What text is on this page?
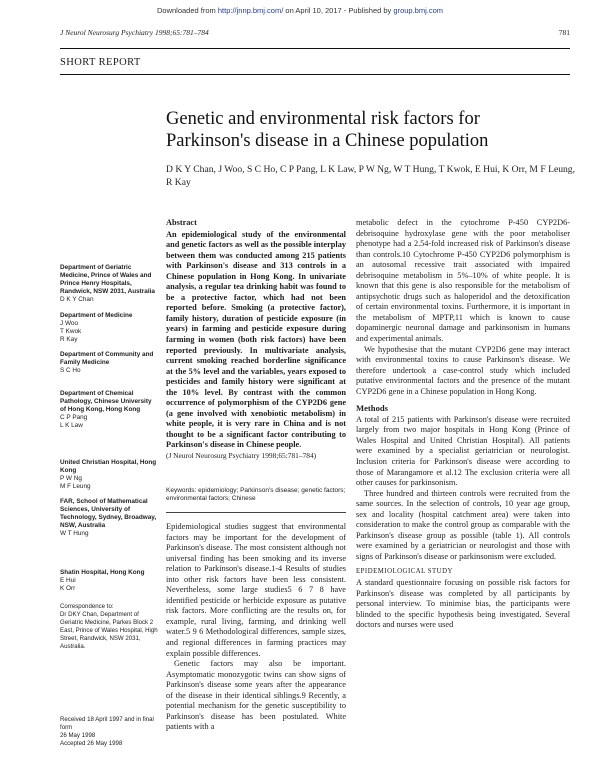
Downloaded from http://jnnp.bmj.com/ on April 10, 2017 - Published by group.bmj.com
J Neurol Neurosurg Psychiatry 1998;65:781–784	781
SHORT REPORT
Genetic and environmental risk factors for
Parkinson's disease in a Chinese population
D K Y Chan, J Woo, S C Ho, C P Pang, L K Law, P W Ng, W T Hung, T Kwok, E Hui, K Orr, M F Leung, R Kay
Department of Geriatric Medicine, Prince of Wales and Prince Henry Hospitals, Randwick, NSW 2031, Australia
D K Y Chan
Department of Medicine
J Woo
T Kwok
R Kay
Department of Community and Family Medicine
S C Ho
Department of Chemical Pathology, Chinese University of Hong Kong, Hong Kong
C P Pang
L K Law
United Christian Hospital, Hong Kong
P W Ng
M F Leung
FAR, School of Mathematical Sciences, University of Technology, Sydney, Broadway, NSW, Australia
W T Hung
Shatin Hospital, Hong Kong
E Hui
K Orr
Correspondence to:
Dr DKY Chan, Department of Geriatric Medicine, Parkes Block 2 East, Prince of Wales Hospital, High Street, Randwick, NSW 2031, Australia.
Received 18 April 1997 and in final form
26 May 1998
Accepted 26 May 1998
Abstract

An epidemiological study of the environmental and genetic factors as well as the possible interplay between them was conducted among 215 patients with Parkinson's disease and 313 controls in a Chinese population in Hong Kong. In univariate analysis, a regular tea drinking habit was found to be a protective factor, which had not been reported before. Smoking (a protective factor), family history, duration of pesticide exposure (in years) in farming and pesticide exposure during farming in women (both risk factors) have been reported previously. In multivariate analysis, current smoking reached borderline significance at the 5% level and the variables, years exposed to pesticides and family history were significant at the 10% level. By contrast with the common occurrence of polymorphism of the CYP2D6 gene (a gene involved with xenobiotic metabolism) in white people, it is very rare in China and is not thought to be a significant factor contributing to Parkinson's disease in Chinese people.

(J Neurol Neurosurg Psychiatry 1998;65:781–784)

Keywords: epidemiology; Parkinson's disease; genetic factors; environmental factors; Chinese

Epidemiological studies suggest that environmental factors may be important for the development of Parkinson's disease. The most consistent although not universal finding has been smoking and its inverse relation to Parkinson's disease.1-4 Results of studies into other risk factors have been less consistent. Nevertheless, some large studies5 6 7 8 have identified pesticide or herbicide exposure as putative risk factors. More conflicting are the results on, for example, rural living, farming, and drinking well water.5 9 6 Methodological differences, sample sizes, and regional differences in farming practices may explain possible differences.

Genetic factors may also be important. Asymptomatic monozygotic twins can show signs of Parkinson's disease some years after the appearance of the disease in their identical siblings.9 Recently, a potential mechanism for the genetic susceptibility to Parkinson's disease has been postulated. White patients with a

metabolic defect in the cytochrome P-450 CYP2D6-debrisoquine hydroxylase gene with the poor metaboliser phenotype had a 2.54-fold increased risk of Parkinson's disease than controls.10 Cytochrome P-450 CYP2D6 polymorphism is an autosomal recessive trait associated with impaired debrisoquine metabolism in 5%–10% of white people. It is known that this gene is also responsible for the metabolism of antipsychotic drugs such as haloperidol and the detoxification of certain environmental toxins. Furthermore, it is important in the metabolism of MPTP,11 which is known to cause dopaminergic neuronal damage and parkinsonism in humans and experimental animals.

We hypothesise that the mutant CYP2D6 gene may interact with environmental toxins to cause Parkinson's disease. We therefore undertook a case-control study which included putative environmental factors and the presence of the mutant CYP2D6 gene in a Chinese population in Hong Kong.

Methods

A total of 215 patients with Parkinson's disease were recruited largely from two major hospitals in Hong Kong (Prince of Wales Hospital and United Christian Hospital). All patients were examined by a specialist geriatrician or neurologist. Inclusion criteria for Parkinson's disease were according to those of Marangamore et al.12 The exclusion criteria were all other causes for parkinsonism.

Three hundred and thirteen controls were recruited from the same sources. In the selection of controls, 10 year age group, sex and locality (hospital catchment area) were taken into consideration to make the control group as comparable with the Parkinson's disease group as possible (table 1). All controls were examined by a geriatrician or neurologist and those with signs of Parkinson's disease or parkinsonism were excluded.

EPIDEMIOLOGICAL STUDY

A standard questionnaire focusing on possible risk factors for Parkinson's disease was completed by all participants by personal interview. To minimise bias, the participants were blinded to the specific hypothesis being investigated. Several doctors and nurses were used
